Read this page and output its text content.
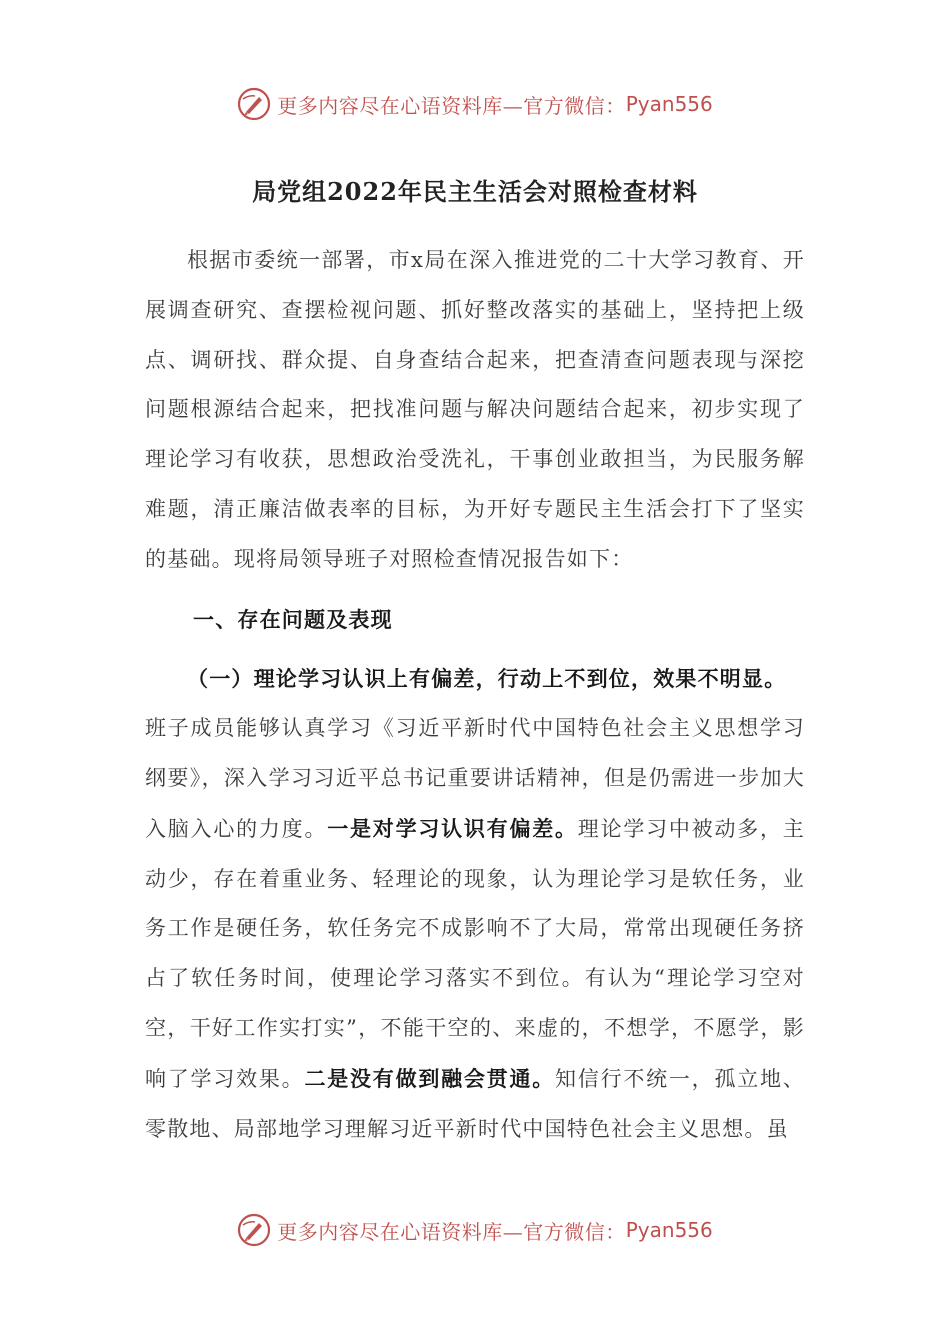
更多内容尽在心语资料库—官方微信： Pyan556
局党组2022年民主生活会对照检查材料

根据市委统一部署，市x局在深入推进党的二十大学习教育、开展调查研究、查摆检视问题、抓好整改落实的基础上，坚持把上级点、调研找、群众提、自身查结合起来，把查清查问题表现与深挖问题根源结合起来，把找准问题与解决问题结合起来，初步实现了理论学习有收获，思想政治受洗礼，干事创业敢担当，为民服务解难题，清正廉洁做表率的目标，为开好专题民主生活会打下了坚实的基础。现将局领导班子对照检查情况报告如下：

一、存在问题及表现

（一）理论学习认识上有偏差，行动上不到位，效果不明显。

班子成员能够认真学习《习近平新时代中国特色社会主义思想学习纲要》，深入学习习近平总书记重要讲话精神，但是仍需进一步加大入脑入心的力度。一是对学习认识有偏差。理论学习中被动多，主动少，存在着重业务、轻理论的现象，认为理论学习是软任务，业务工作是硬任务，软任务完不成影响不了大局，常常出现硬任务挤占了软任务时间，使理论学习落实不到位。有认为“理论学习空对空，干好工作实打实”，不能干空的、来虚的，不想学，不愿学，影响了学习效果。二是没有做到融会贯通。知信行不统一，孤立地、零散地、局部地学习理解习近平新时代中国特色社会主义思想。虽

更多内容尽在心语资料库—官方微信： Pyan556
